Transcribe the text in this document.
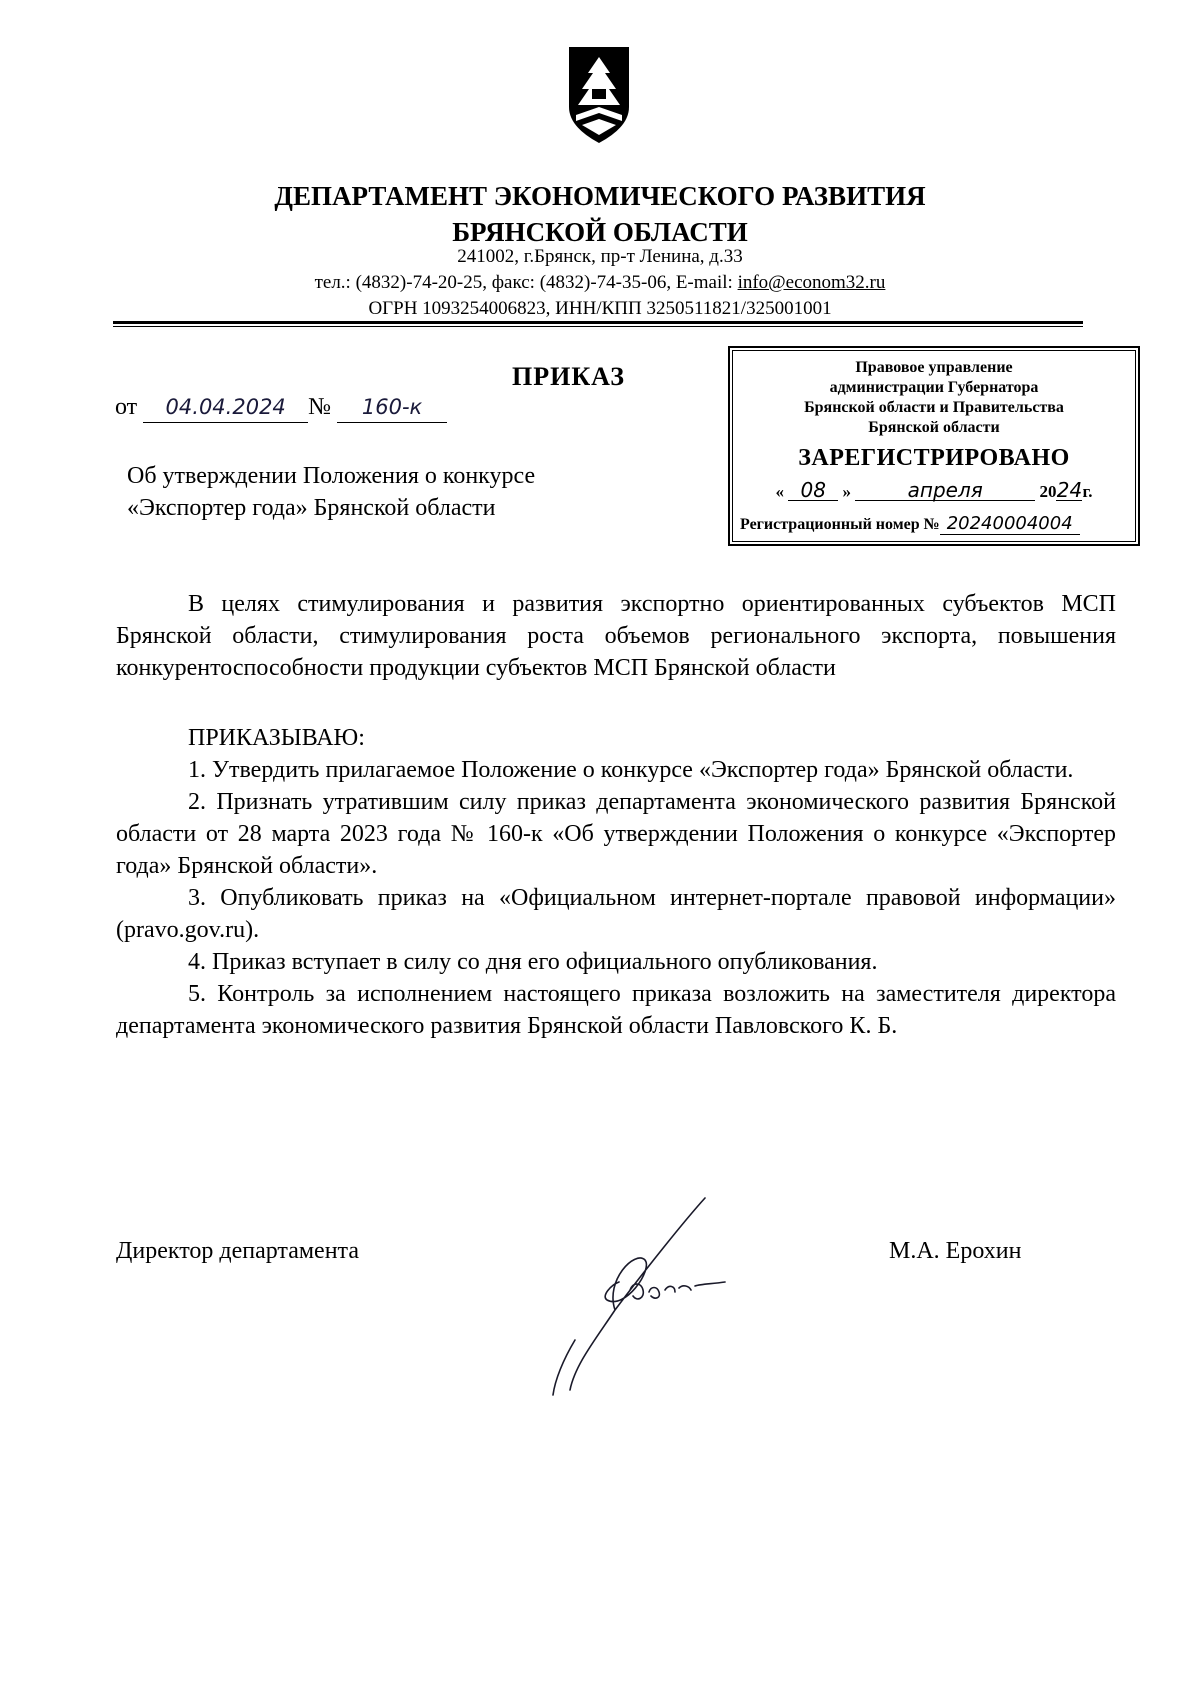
ДЕПАРТАМЕНТ ЭКОНОМИЧЕСКОГО РАЗВИТИЯ
БРЯНСКОЙ ОБЛАСТИ
241002, г.Брянск, пр-т Ленина, д.33
тел.: (4832)-74-20-25, факс: (4832)-74-35-06, E-mail: info@econom32.ru
ОГРН 1093254006823, ИНН/КПП 3250511821/325001001
ПРИКАЗ
от 04.04.2024 № 160-к
Об утверждении Положения о конкурсе
«Экспортер года» Брянской области
Правовое управление
администрации Губернатора
Брянской области и Правительства
Брянской области
ЗАРЕГИСТРИРОВАНО
« 08 »	апреля	2024г.
Регистрационный номер № 20240004004

В целях стимулирования и развития экспортно ориентированных субъектов МСП Брянской области, стимулирования роста объемов регионального экспорта, повышения конкурентоспособности продукции субъектов МСП Брянской области

ПРИКАЗЫВАЮ:

1. Утвердить прилагаемое Положение о конкурсе «Экспортер года» Брянской области.

2. Признать утратившим силу приказ департамента экономического развития Брянской области от 28 марта 2023 года № 160-к «Об утверждении Положения о конкурсе «Экспортер года» Брянской области».

3. Опубликовать приказ на «Официальном интернет-портале правовой информации» (pravo.gov.ru).

4. Приказ вступает в силу со дня его официального опубликования.

5. Контроль за исполнением настоящего приказа возложить на заместителя директора департамента экономического развития Брянской области Павловского К. Б.

Директор департамента	М.А. Ерохин
